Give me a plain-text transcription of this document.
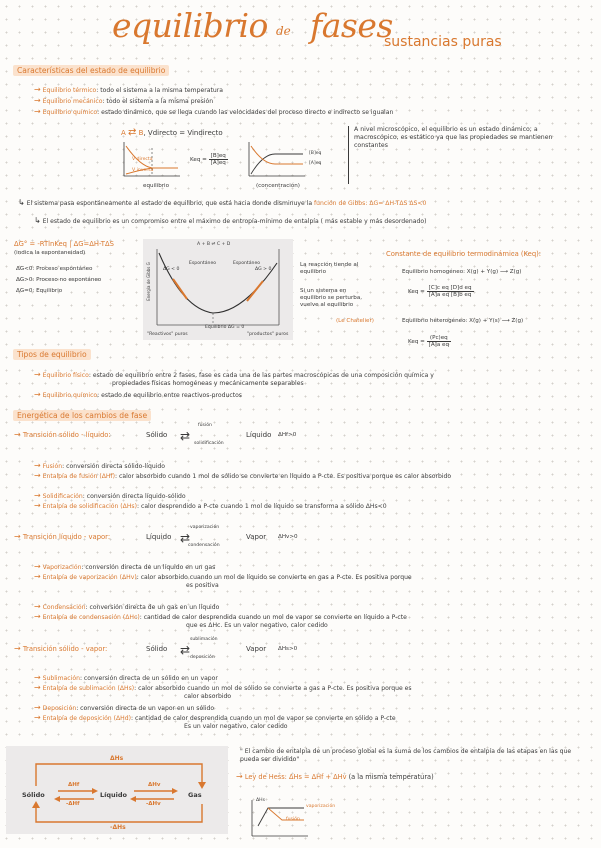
equilibrio de fases
sustancias puras
Características del estado de equilibrio
→ Equilibrio térmico: todo el sistema a la misma temperatura
→ Equilibrio mecánico: todo el sistema a la misma presión
→ Equilibrio químico: estado dinámico, que se llega cuando las velocidades del proceso directo e indirecto se igualan
A ⇄ B, Vdirecto = Vindirecto
V directa
V inversa
equilibrio
Keq = $\frac{[B]eq}{[A]eq}$	[B]eq
[A]eq
(concentración)
A nivel microscópico, el equilibrio es un estado dinámico; a macroscópico, es estático ya que las propiedades se mantienen constantes
↳ El sistema pasa espontáneamente al estado de equilibrio, que está hacia donde disminuye la función de Gibbs: ΔG= ΔH-TΔS ΔS<0
↳ El estado de equilibrio es un compromiso entre el máximo de entropía-mínimo de entalpía ( más estable y más desordenado)
ΔG° = -RTlnKeq | ΔG=ΔH-TΔS
(indica la espontaneidad)
ΔG<0: Proceso espontáneo
ΔG>0: Proceso no espontáneo
ΔG=0: Equilibrio
A + B ⇌ C + D
Energía de Gibbs G	ΔG < 0	ΔG > 0
Espontáneo	Espontáneo
Equilibrio ΔG = 0
"Reactivos" puros	"productos" puros
La reacción tiende al equilibrio
Si un sistema en equilibrio se perturba, vuelve al equilibrio
(Le Chatelier)
Constante de equilibrio termodinámica (Keq):
Equilibrio homogéneo: X(g) + Y(g) ⟶ Z(g)
Keq = $\frac{\text{[C]c eq [D]d eq}}{\text{[A]a eq [B]b eq}}$
Equilibrio heterogéneo: X(g) + Y(s) ⟶ Z(g)
Keq = $\frac{(Pc)eq}{\text{[A]a eq}}$
Tipos de equilibrio
→ Equilibrio físico: estado de equilibrio entre 2 fases, fase es cada una de las partes macroscópicas de una composición química y
propiedades físicas homogéneas y mecánicamente separables
→ Equilibrio químico: estado de equilibrio entre reactivos-productos
Energética de los cambios de fase
→ Transición sólido - líquido:	Sólido
fusión
⇄
solidificación
Líquido ΔHf>0
→ Fusión: conversión directa sólido-líquido
→ Entalpía de fusión (ΔHf): calor absorbido cuando 1 mol de sólido se convierte en líquido a P-cte. Es positiva porque es calor absorbido
→ Solidificación: conversión directa líquido-sólido
→ Entalpía de solidificación (ΔHs): calor desprendido a P-cte cuando 1 mol de líquido se transforma a sólido ΔHs<0
→ Transición líquido - vapor:	Líquido
vaporización
⇄
condensación
Vapor ΔHv>0
→ Vaporización: conversión directa de un líquido en un gas
→ Entalpía de vaporización (ΔHv): calor absorbido cuando un mol de líquido se convierte en gas a P-cte. Es positiva porque
es positiva
→ Condensación: conversión directa de un gas en un líquido
→ Entalpía de condensación (ΔHc): cantidad de calor desprendida cuando un mol de vapor se convierte en líquido a P-cte
que es ΔHc. Es un valor negativo, calor cedido
→ Transición sólido - vapor:	Sólido
sublimación
⇄
deposición
Vapor ΔHs>0
→ Sublimación: conversión directa de un sólido en un vapor
→ Entalpía de sublimación (ΔHs): calor absorbido cuando un mol de sólido se convierte a gas a P-cte. Es positiva porque es
calor absorbido
→ Deposición: conversión directa de un vapor en un sólido
→ Entalpía de deposición (ΔHd): cantidad de calor desprendida cuando un mol de vapor se convierte en sólido a P-cte
Es un valor negativo, calor cedido
ΔHs
Sólido	Líquido	Gas
ΔHf	ΔHv
-ΔHf	-ΔHv
-ΔHs
" El cambio de entalpía de un proceso global es la suma de los cambios de entalpía de las etapas en las que pueda ser dividido"
→ Ley de Hess: ΔHs = ΔHf + ΔHv (a la misma temperatura)
ΔHs
vaporización
fusión
